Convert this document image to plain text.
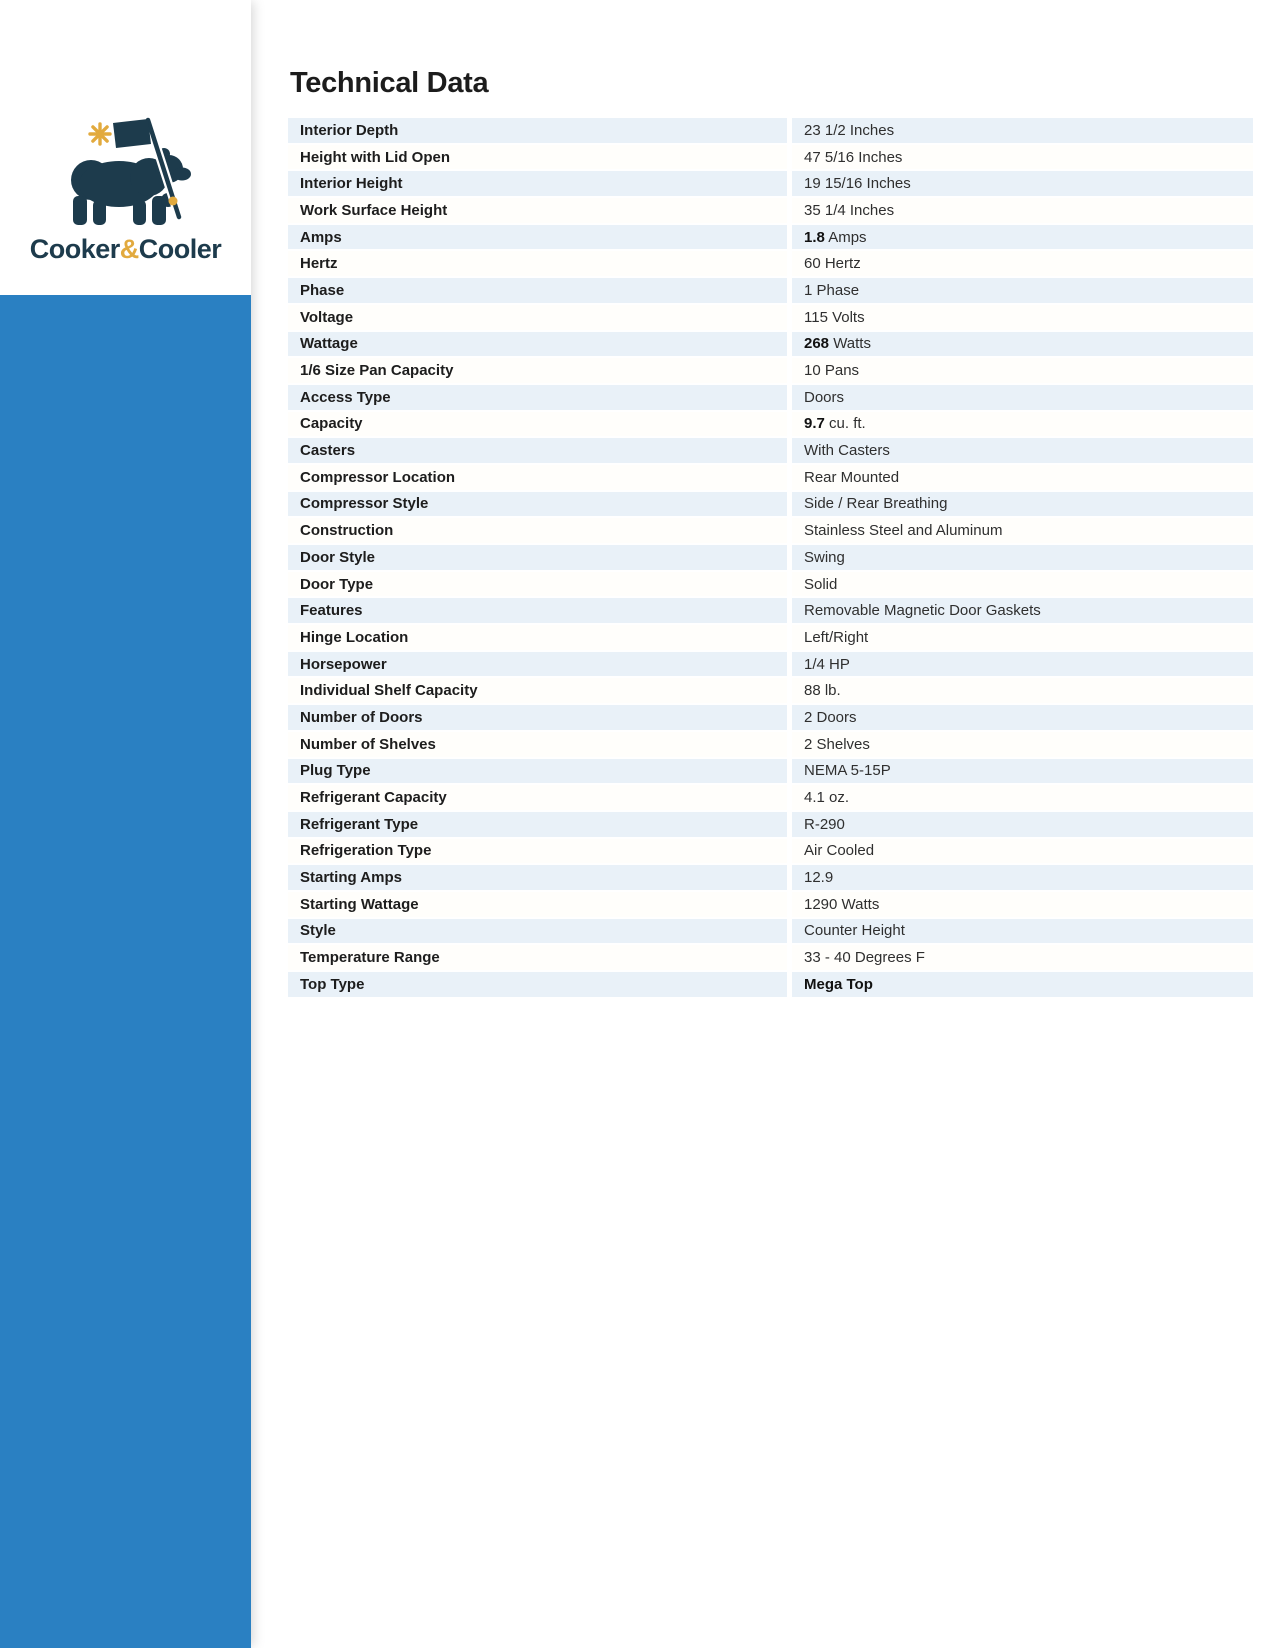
Cooker&Cooler
Technical Data
Interior Depth	23 1/2 Inches
Height with Lid Open	47 5/16 Inches
Interior Height	19 15/16 Inches
Work Surface Height	35 1/4 Inches
Amps	1.8 Amps
Hertz	60 Hertz
Phase	1 Phase
Voltage	115 Volts
Wattage	268 Watts
1/6 Size Pan Capacity	10 Pans
Access Type	Doors
Capacity	9.7 cu. ft.
Casters	With Casters
Compressor Location	Rear Mounted
Compressor Style	Side / Rear Breathing
Construction	Stainless Steel and Aluminum
Door Style	Swing
Door Type	Solid
Features	Removable Magnetic Door Gaskets
Hinge Location	Left/Right
Horsepower	1/4 HP
Individual Shelf Capacity	88 lb.
Number of Doors	2 Doors
Number of Shelves	2 Shelves
Plug Type	NEMA 5-15P
Refrigerant Capacity	4.1 oz.
Refrigerant Type	R-290
Refrigeration Type	Air Cooled
Starting Amps	12.9
Starting Wattage	1290 Watts
Style	Counter Height
Temperature Range	33 - 40 Degrees F
Top Type	Mega Top
